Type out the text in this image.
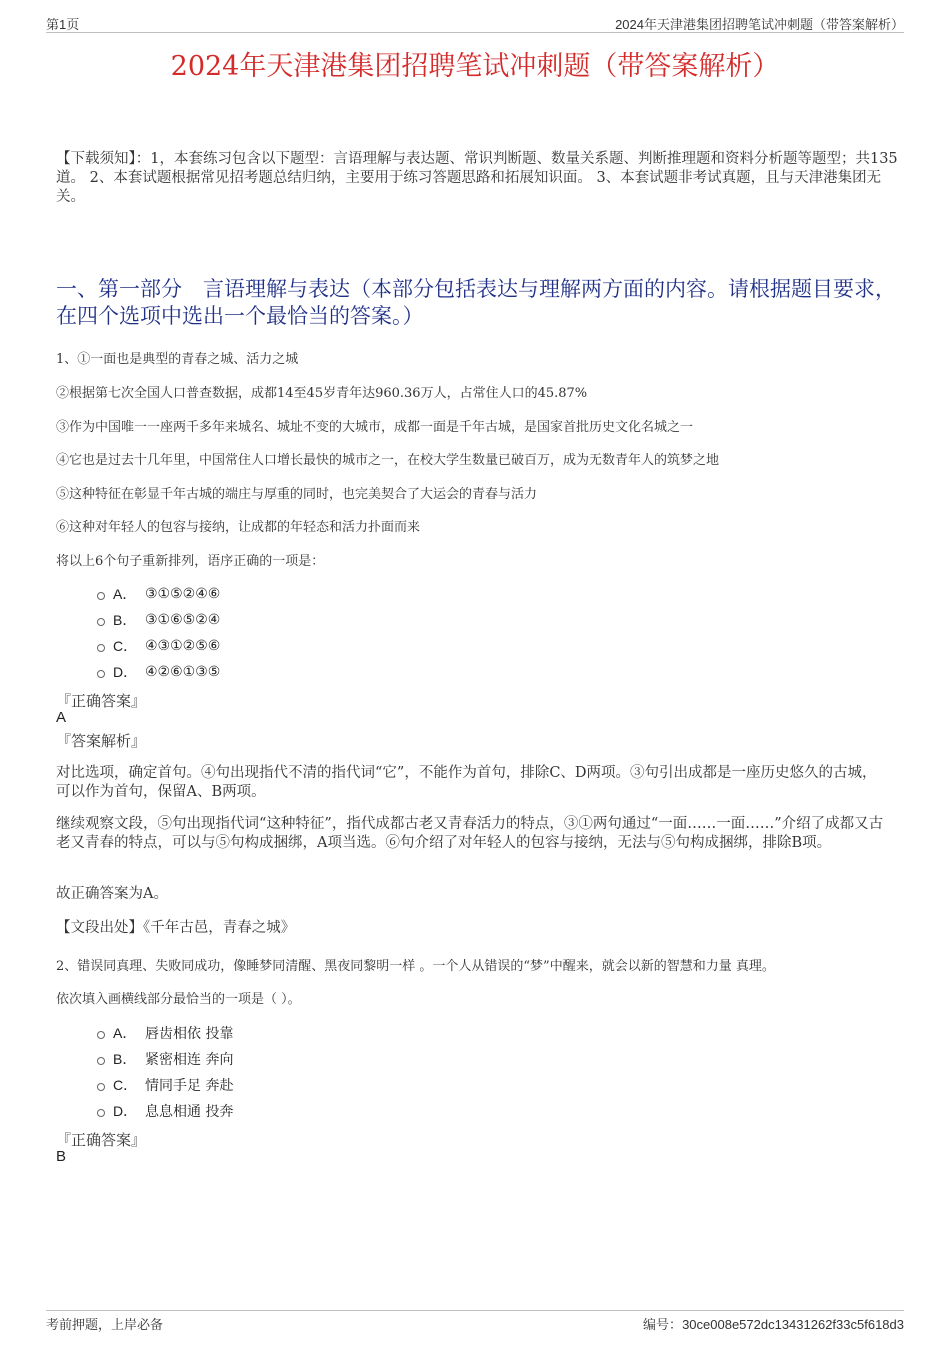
第1页	2024年天津港集团招聘笔试冲刺题（带答案解析）
2024年天津港集团招聘笔试冲刺题（带答案解析）
【下载须知】：1，本套练习包含以下题型：言语理解与表达题、常识判断题、数量关系题、判断推理题和资料分析题等题型；共135道。 2、本套试题根据常见招考题总结归纳，主要用于练习答题思路和拓展知识面。 3、本套试题非考试真题，且与天津港集团无关。
一、第一部分　言语理解与表达（本部分包括表达与理解两方面的内容。请根据题目要求，在四个选项中选出一个最恰当的答案。）
1、①一面也是典型的青春之城、活力之城
②根据第七次全国人口普查数据，成都14至45岁青年达960.36万人，占常住人口的45.87%
③作为中国唯一一座两千多年来城名、城址不变的大城市，成都一面是千年古城，是国家首批历史文化名城之一
④它也是过去十几年里，中国常住人口增长最快的城市之一，在校大学生数量已破百万，成为无数青年人的筑梦之地
⑤这种特征在彰显千年古城的端庄与厚重的同时，也完美契合了大运会的青春与活力
⑥这种对年轻人的包容与接纳，让成都的年轻态和活力扑面而来
将以上6个句子重新排列，语序正确的一项是：
A． ③①⑤②④⑥
B． ③①⑥⑤②④
C． ④③①②⑤⑥
D． ④②⑥①③⑤
『正确答案』
A
『答案解析』
对比选项，确定首句。④句出现指代不清的指代词“它”，不能作为首句，排除C、D两项。③句引出成都是一座历史悠久的古城，可以作为首句，保留A、B两项。
继续观察文段，⑤句出现指代词“这种特征”，指代成都古老又青春活力的特点，③①两句通过“一面……一面……”介绍了成都又古老又青春的特点，可以与⑤句构成捆绑，A项当选。⑥句介绍了对年轻人的包容与接纳，无法与⑤句构成捆绑，排除B项。
故正确答案为A。
【文段出处】《千年古邑，青春之城》
2、错误同真理、失败同成功，像睡梦同清醒、黑夜同黎明一样 。一个人从错误的“梦”中醒来，就会以新的智慧和力量 真理。
依次填入画横线部分最恰当的一项是（ ）。
A． 唇齿相依 投靠
B． 紧密相连 奔向
C． 情同手足 奔赴
D． 息息相通 投奔
『正确答案』
B
考前押题，上岸必备	编号：30ce008e572dc13431262f33c5f618d3
